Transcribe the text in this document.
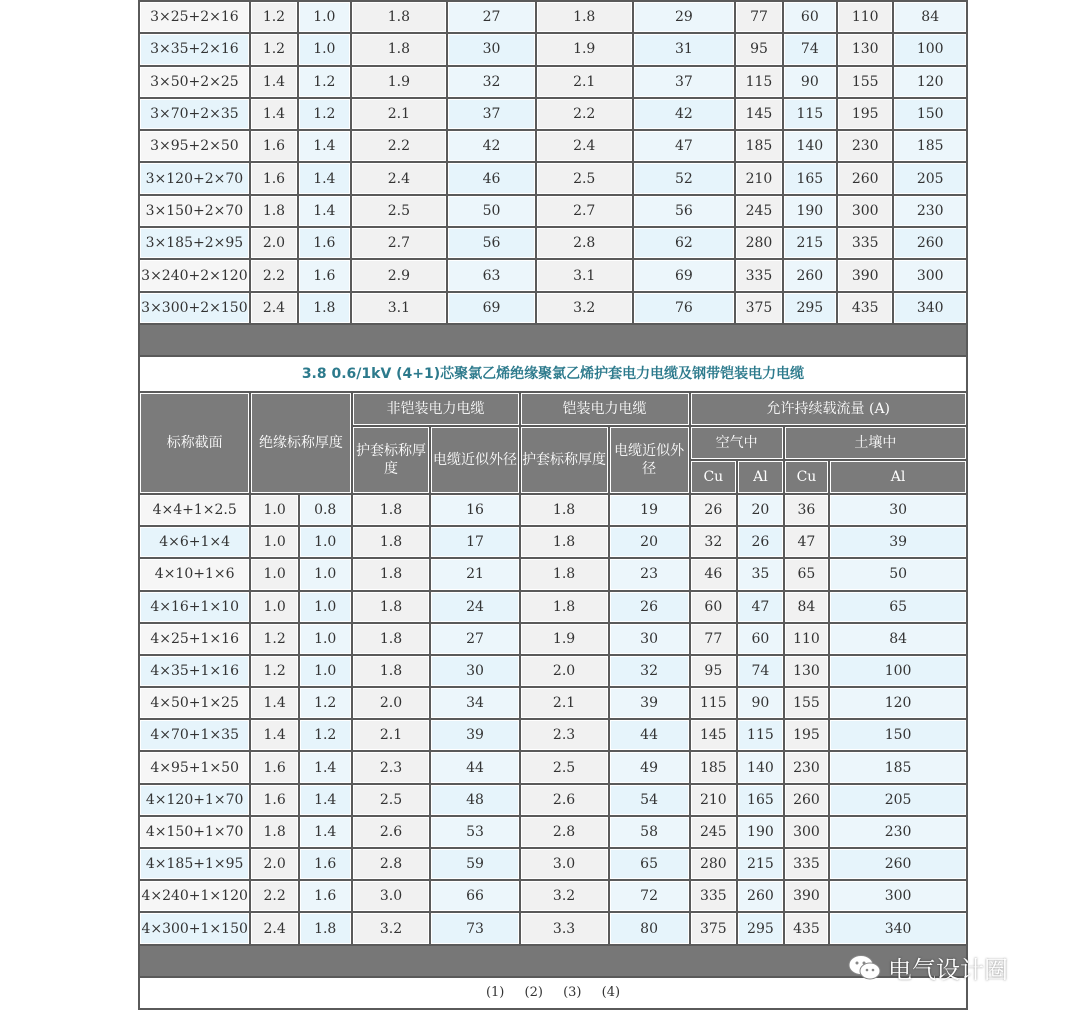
3×25+2×16	1.2	1.0	1.8	27	1.8	29	77	60	110	84
3×35+2×16	1.2	1.0	1.8	30	1.9	31	95	74	130	100
3×50+2×25	1.4	1.2	1.9	32	2.1	37	115	90	155	120
3×70+2×35	1.4	1.2	2.1	37	2.2	42	145	115	195	150
3×95+2×50	1.6	1.4	2.2	42	2.4	47	185	140	230	185
3×120+2×70	1.6	1.4	2.4	46	2.5	52	210	165	260	205
3×150+2×70	1.8	1.4	2.5	50	2.7	56	245	190	300	230
3×185+2×95	2.0	1.6	2.7	56	2.8	62	280	215	335	260
3×240+2×120	2.2	1.6	2.9	63	3.1	69	335	260	390	300
3×300+2×150	2.4	1.8	3.1	69	3.2	76	375	295	435	340

3.8 0.6/1kV (4+1)芯聚氯乙烯绝缘聚氯乙烯护套电力电缆及钢带铠装电力电缆
标称截面	绝缘标称厚度		非铠装电力电缆		铠装电力电缆		允许持续载流量 (A)			
			护套标称厚度	电缆近似外径	护套标称厚度	电缆近似外径	空气中		土壤中	
							Cu	Al	Cu	Al
4×4+1×2.5	1.0	0.8	1.8	16	1.8	19	26	20	36	30
4×6+1×4	1.0	1.0	1.8	17	1.8	20	32	26	47	39
4×10+1×6	1.0	1.0	1.8	21	1.8	23	46	35	65	50
4×16+1×10	1.0	1.0	1.8	24	1.8	26	60	47	84	65
4×25+1×16	1.2	1.0	1.8	27	1.9	30	77	60	110	84
4×35+1×16	1.2	1.0	1.8	30	2.0	32	95	74	130	100
4×50+1×25	1.4	1.2	2.0	34	2.1	39	115	90	155	120
4×70+1×35	1.4	1.2	2.1	39	2.3	44	145	115	195	150
4×95+1×50	1.6	1.4	2.3	44	2.5	49	185	140	230	185
4×120+1×70	1.6	1.4	2.5	48	2.6	54	210	165	260	205
4×150+1×70	1.8	1.4	2.6	53	2.8	58	245	190	300	230
4×185+1×95	2.0	1.6	2.8	59	3.0	65	280	215	335	260
4×240+1×120	2.2	1.6	3.0	66	3.2	72	335	260	390	300
4×300+1×150	2.4	1.8	3.2	73	3.3	80	375	295	435	340

(1) (2) (3) (4)
电气设计圈
